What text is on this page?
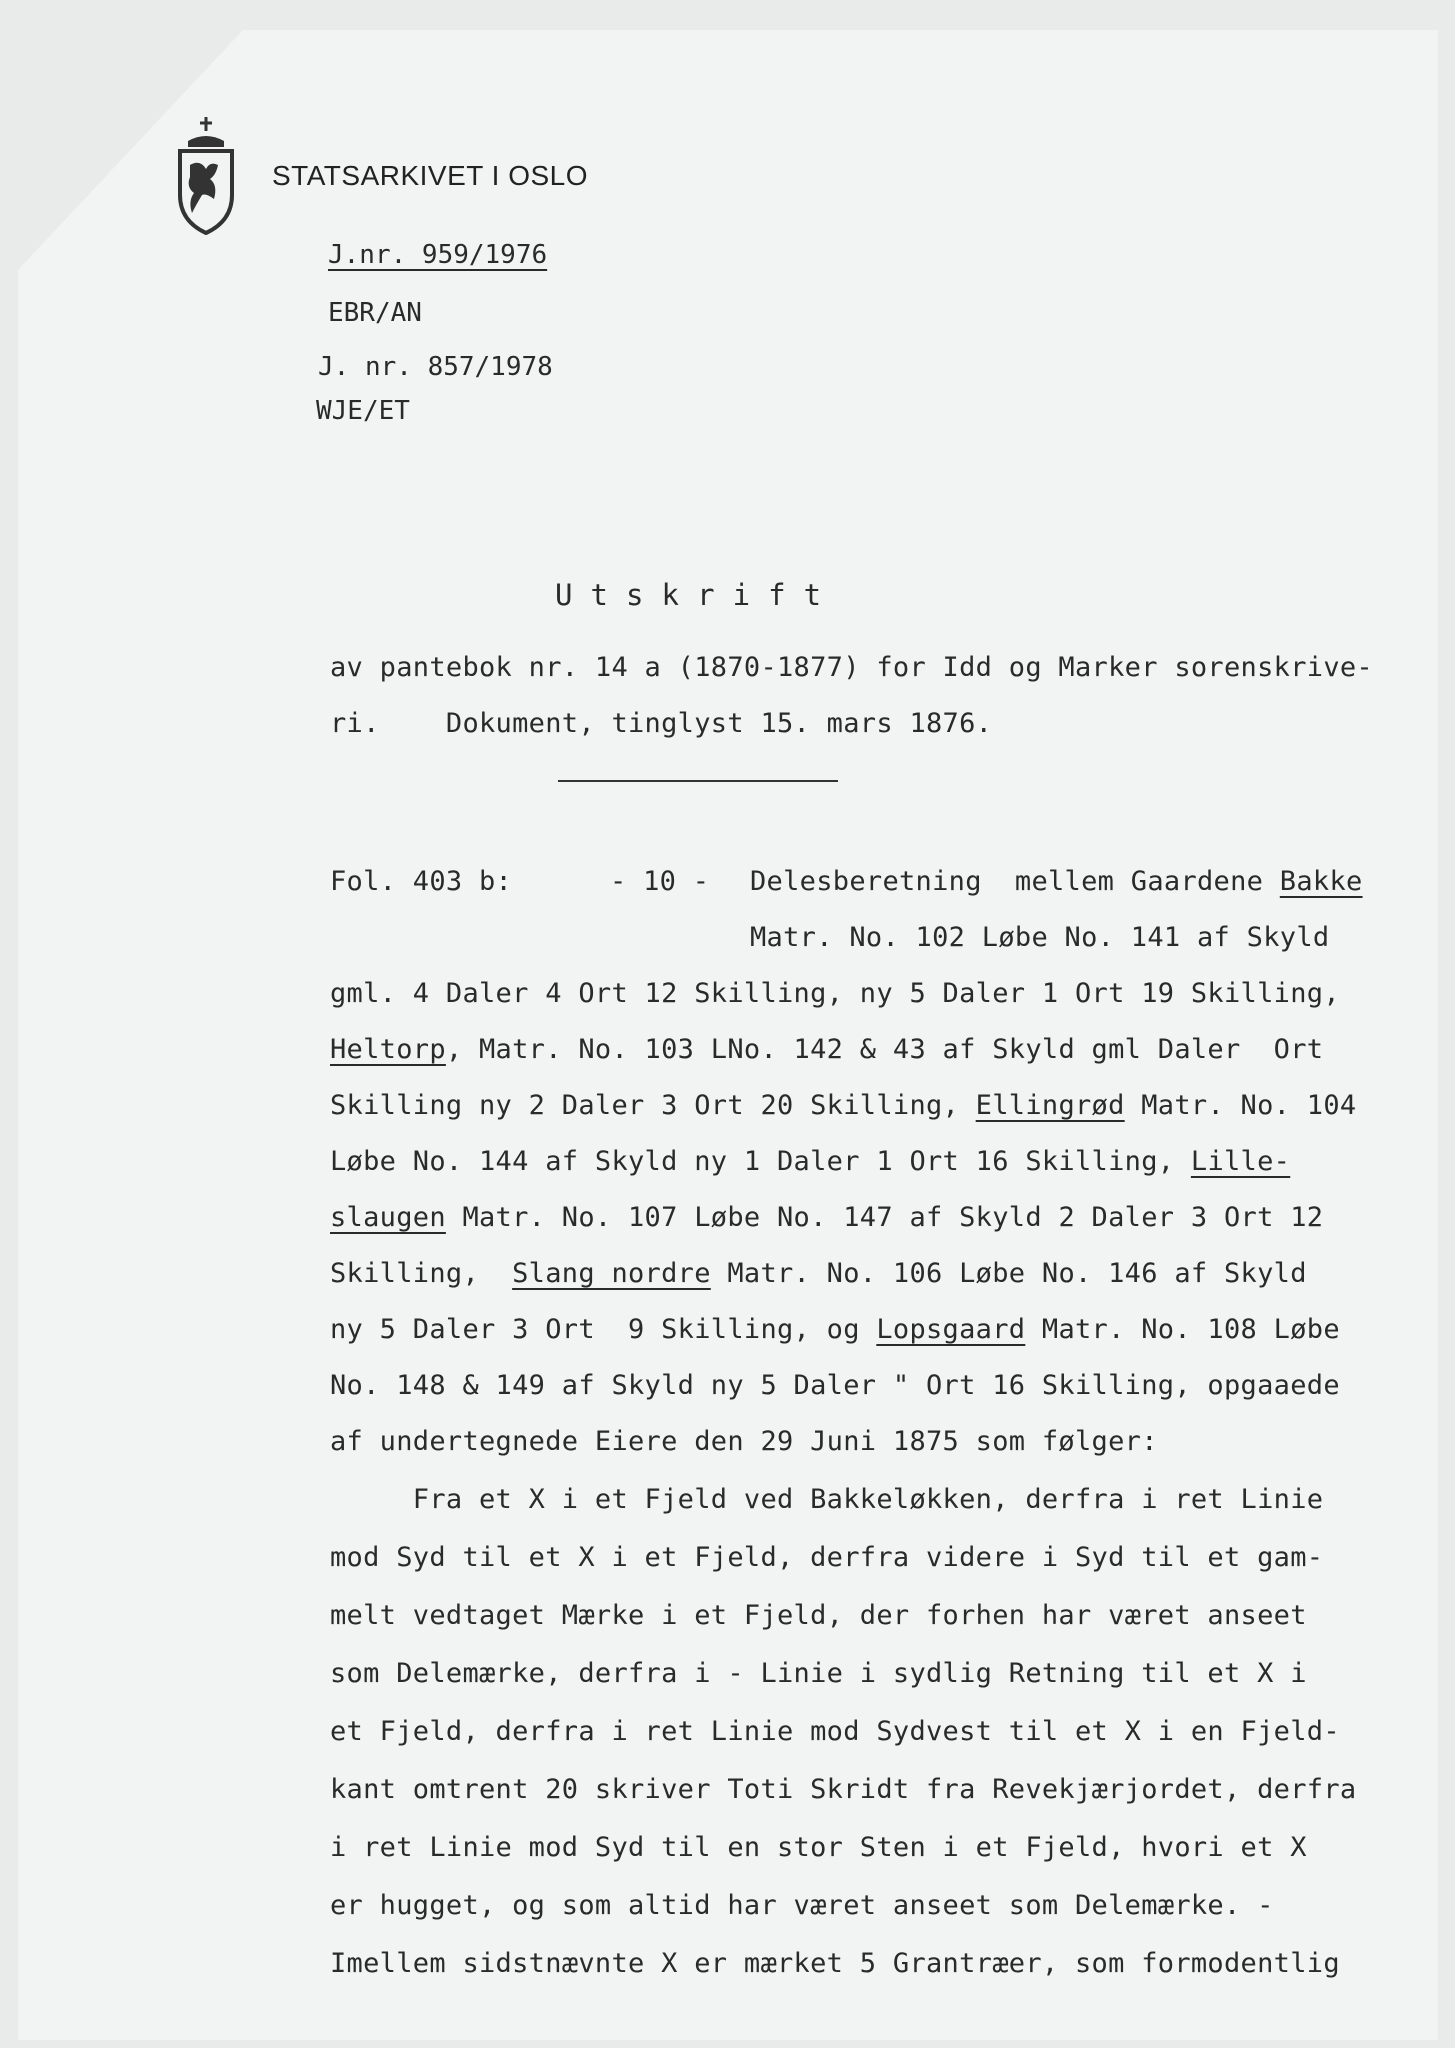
STATSARKIVET I OSLO
J.nr. 959/1976
EBR/AN
J. nr. 857/1978
WJE/ET
U t s k r i f t
av pantebok nr. 14 a (1870-1877) for Idd og Marker sorenskrive-
ri.    Dokument, tinglyst 15. mars 1876.
Fol. 403 b:	- 10 - Delesberetning  mellem Gaardene Bakke
Matr. No. 102 Løbe No. 141 af Skyld
gml. 4 Daler 4 Ort 12 Skilling, ny 5 Daler 1 Ort 19 Skilling,
Heltorp, Matr. No. 103 LNo. 142 & 43 af Skyld gml Daler  Ort
Skilling ny 2 Daler 3 Ort 20 Skilling, Ellingrød Matr. No. 104
Løbe No. 144 af Skyld ny 1 Daler 1 Ort 16 Skilling, Lille-
slaugen Matr. No. 107 Løbe No. 147 af Skyld 2 Daler 3 Ort 12
Skilling,  Slang nordre Matr. No. 106 Løbe No. 146 af Skyld
ny 5 Daler 3 Ort  9 Skilling, og Lopsgaard Matr. No. 108 Løbe
No. 148 & 149 af Skyld ny 5 Daler " Ort 16 Skilling, opgaaede
af undertegnede Eiere den 29 Juni 1875 som følger:
Fra et X i et Fjeld ved Bakkeløkken, derfra i ret Linie
mod Syd til et X i et Fjeld, derfra videre i Syd til et gam-
melt vedtaget Mærke i et Fjeld, der forhen har været anseet
som Delemærke, derfra i - Linie i sydlig Retning til et X i
et Fjeld, derfra i ret Linie mod Sydvest til et X i en Fjeld-
kant omtrent 20 skriver Toti Skridt fra Revekjærjordet, derfra
i ret Linie mod Syd til en stor Sten i et Fjeld, hvori et X
er hugget, og som altid har været anseet som Delemærke. -
Imellem sidstnævnte X er mærket 5 Grantræer, som formodentlig
